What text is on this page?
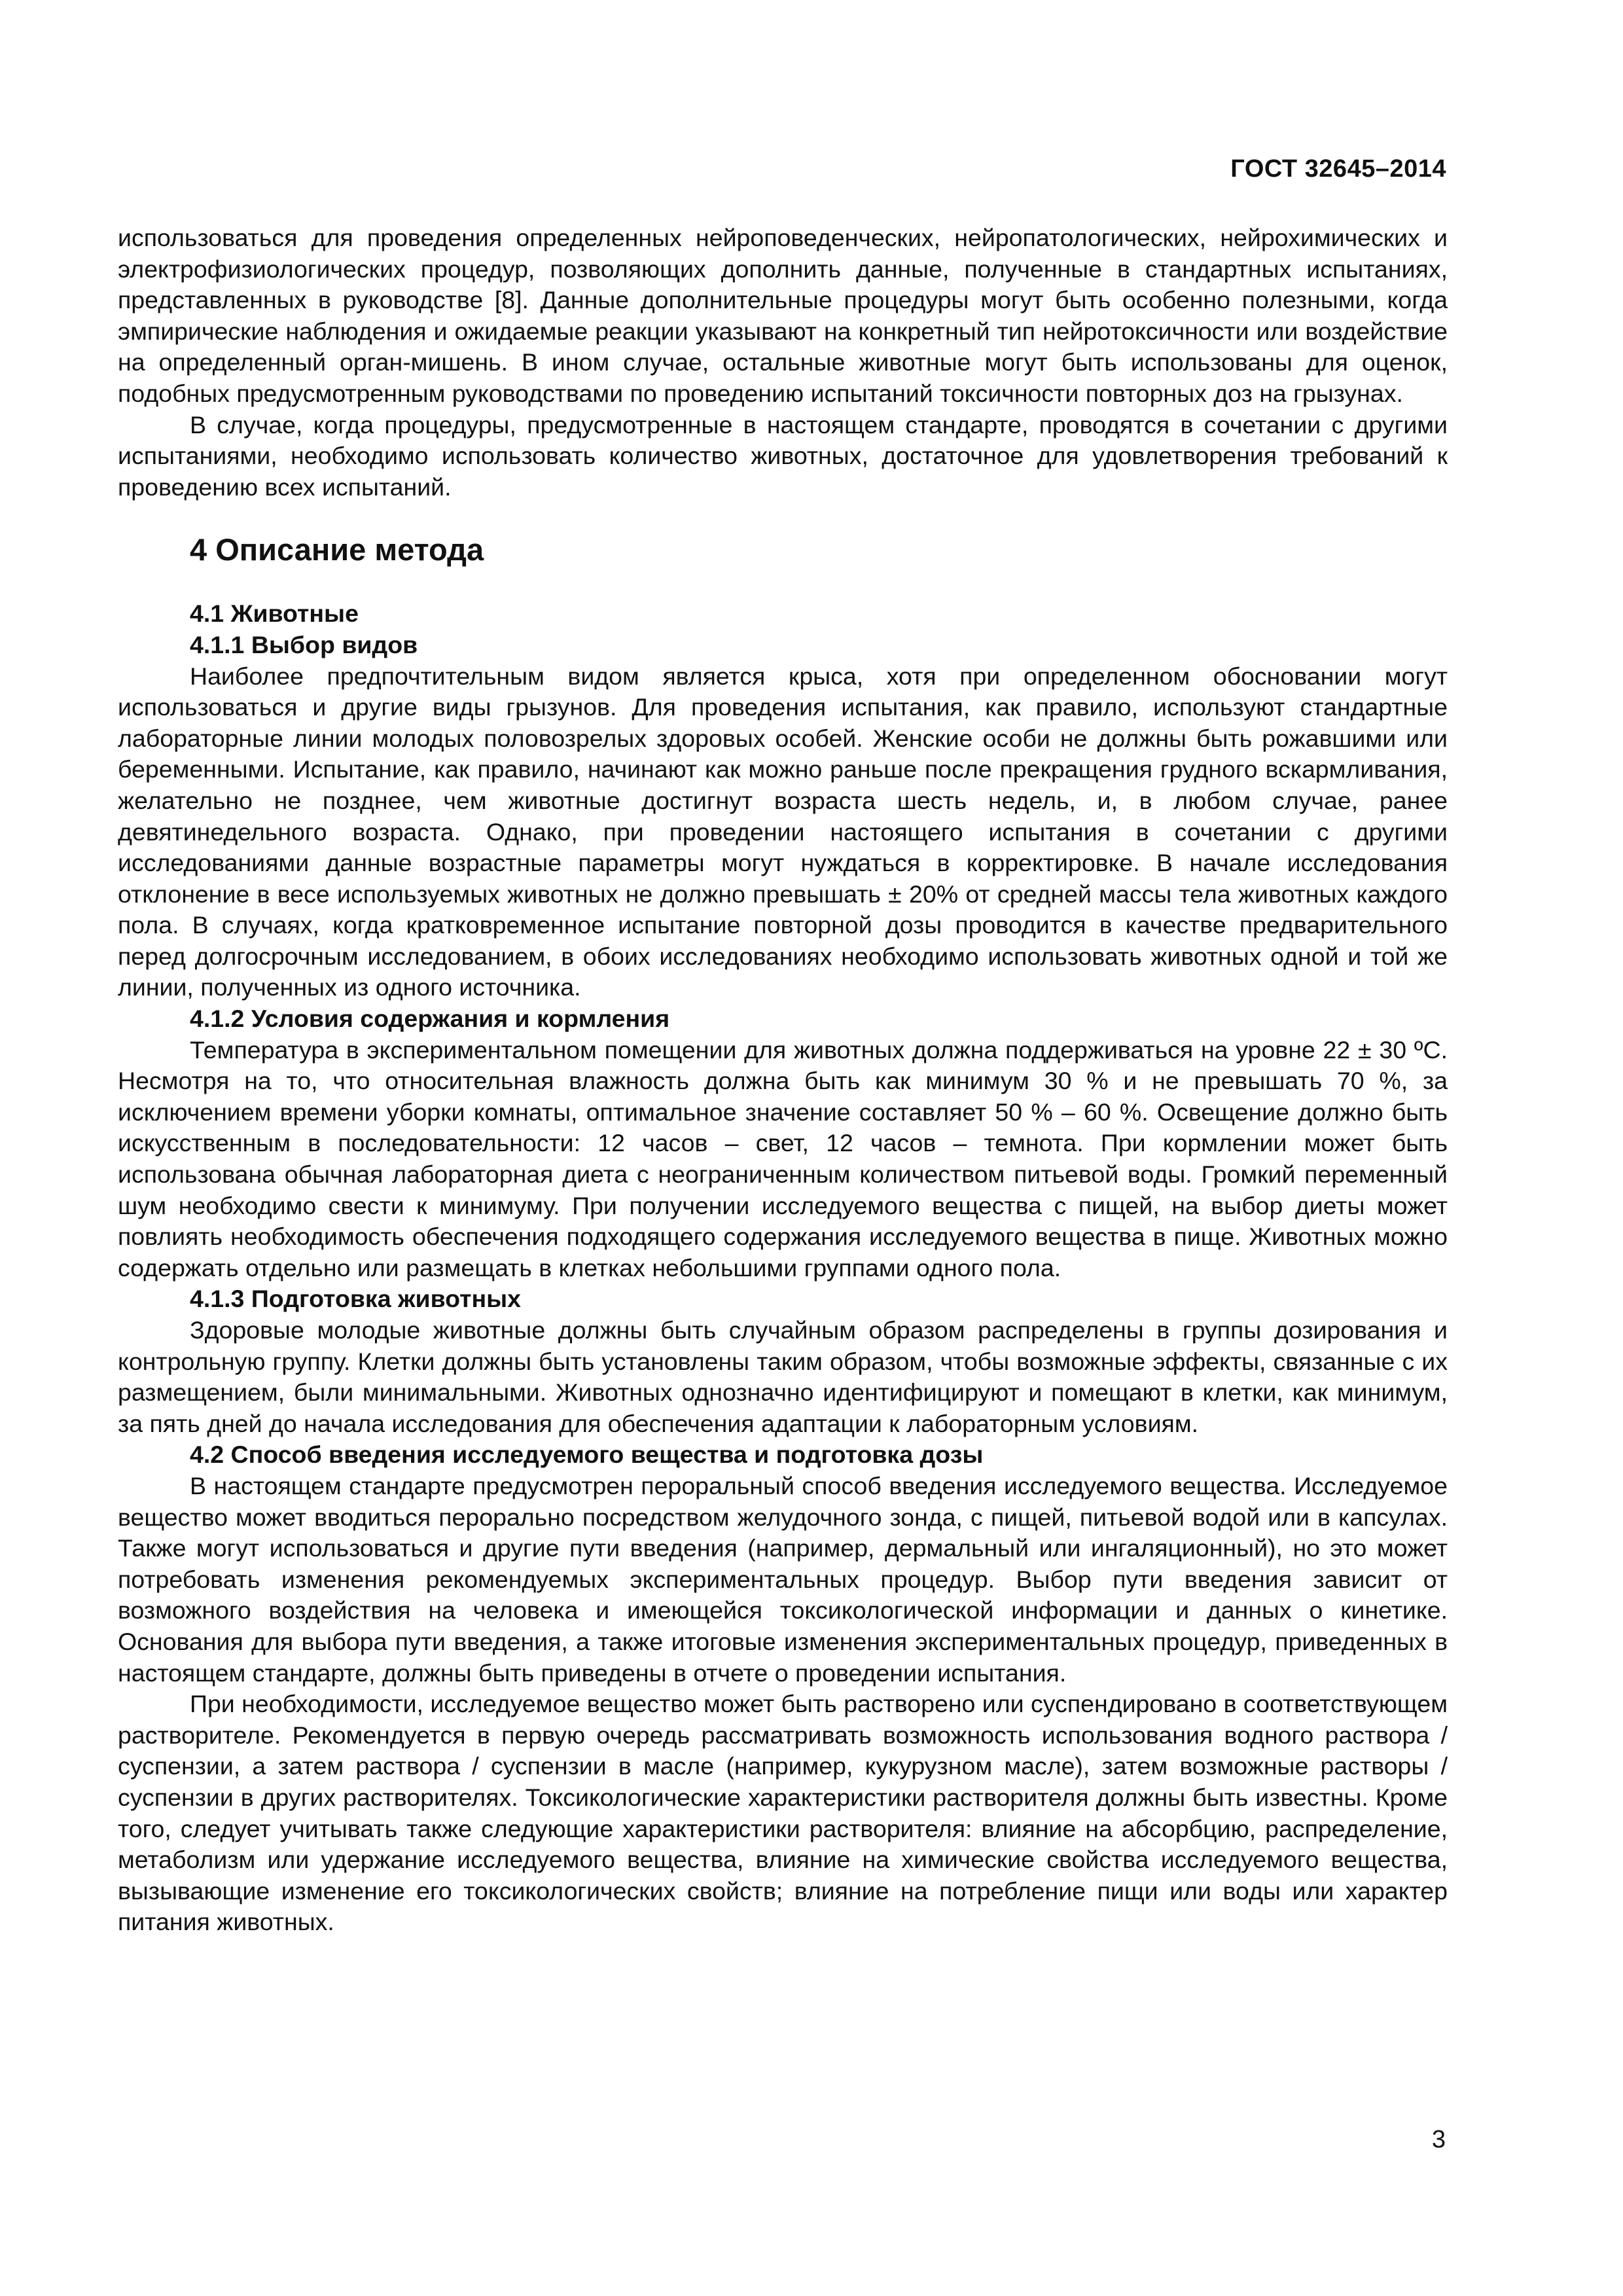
ГОСТ 32645–2014

использоваться для проведения определенных нейроповеденческих, нейропатологических, нейрохимических и электрофизиологических процедур, позволяющих дополнить данные, полученные в стандартных испытаниях, представленных в руководстве [8]. Данные дополнительные процедуры могут быть особенно полезными, когда эмпирические наблюдения и ожидаемые реакции указывают на конкретный тип нейротоксичности или воздействие на определенный орган-мишень. В ином случае, остальные животные могут быть использованы для оценок, подобных предусмотренным руководствами по проведению испытаний токсичности повторных доз на грызунах.

В случае, когда процедуры, предусмотренные в настоящем стандарте, проводятся в сочетании с другими испытаниями, необходимо использовать количество животных, достаточное для удовлетворения требований к проведению всех испытаний.

4 Описание метода
4.1 Животные
4.1.1 Выбор видов

Наиболее предпочтительным видом является крыса, хотя при определенном обосновании могут использоваться и другие виды грызунов. Для проведения испытания, как правило, используют стандартные лабораторные линии молодых половозрелых здоровых особей. Женские особи не должны быть рожавшими или беременными. Испытание, как правило, начинают как можно раньше после прекращения грудного вскармливания, желательно не позднее, чем животные достигнут возраста шесть недель, и, в любом случае, ранее девятинедельного возраста. Однако, при проведении настоящего испытания в сочетании с другими исследованиями данные возрастные параметры могут нуждаться в корректировке. В начале исследования отклонение в весе используемых животных не должно превышать ± 20% от средней массы тела животных каждого пола. В случаях, когда кратковременное испытание повторной дозы проводится в качестве предварительного перед долгосрочным исследованием, в обоих исследованиях необходимо использовать животных одной и той же линии, полученных из одного источника.

4.1.2 Условия содержания и кормления

Температура в экспериментальном помещении для животных должна поддерживаться на уровне 22 ± 30 ºС. Несмотря на то, что относительная влажность должна быть как минимум 30 % и не превышать 70 %, за исключением времени уборки комнаты, оптимальное значение составляет 50 % – 60 %. Освещение должно быть искусственным в последовательности: 12 часов – свет, 12 часов – темнота. При кормлении может быть использована обычная лабораторная диета с неограниченным количеством питьевой воды. Громкий переменный шум необходимо свести к минимуму. При получении исследуемого вещества с пищей, на выбор диеты может повлиять необходимость обеспечения подходящего содержания исследуемого вещества в пище. Животных можно содержать отдельно или размещать в клетках небольшими группами одного пола.

4.1.3 Подготовка животных

Здоровые молодые животные должны быть случайным образом распределены в группы дозирования и контрольную группу. Клетки должны быть установлены таким образом, чтобы возможные эффекты, связанные с их размещением, были минимальными. Животных однозначно идентифицируют и помещают в клетки, как минимум, за пять дней до начала исследования для обеспечения адаптации к лабораторным условиям.

4.2 Способ введения исследуемого вещества и подготовка дозы

В настоящем стандарте предусмотрен пероральный способ введения исследуемого вещества. Исследуемое вещество может вводиться перорально посредством желудочного зонда, с пищей, питьевой водой или в капсулах. Также могут использоваться и другие пути введения (например, дермальный или ингаляционный), но это может потребовать изменения рекомендуемых экспериментальных процедур. Выбор пути введения зависит от возможного воздействия на человека и имеющейся токсикологической информации и данных о кинетике. Основания для выбора пути введения, а также итоговые изменения экспериментальных процедур, приведенных в настоящем стандарте, должны быть приведены в отчете о проведении испытания.

При необходимости, исследуемое вещество может быть растворено или суспендировано в соответствующем растворителе. Рекомендуется в первую очередь рассматривать возможность использования водного раствора / суспензии, а затем раствора / суспензии в масле (например, кукурузном масле), затем возможные растворы / суспензии в других растворителях. Токсикологические характеристики растворителя должны быть известны. Кроме того, следует учитывать также следующие характеристики растворителя: влияние на абсорбцию, распределение, метаболизм или удержание исследуемого вещества, влияние на химические свойства исследуемого вещества, вызывающие изменение его токсикологических свойств; влияние на потребление пищи или воды или характер питания животных.

3
